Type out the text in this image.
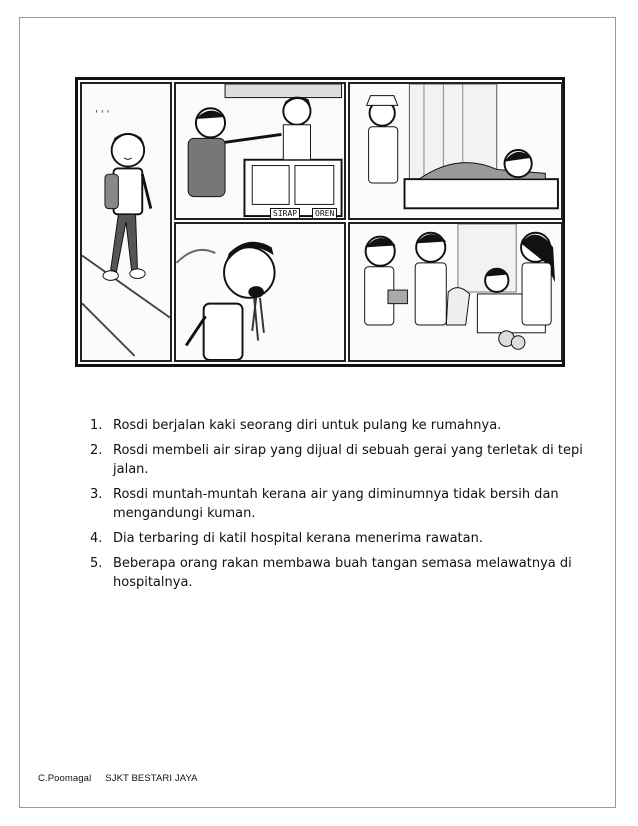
' ' '
SIRAP	OREN
1. Rosdi berjalan kaki seorang diri untuk pulang ke rumahnya.
2. Rosdi membeli air sirap yang dijual di sebuah gerai yang terletak di tepi jalan.
3. Rosdi muntah-muntah kerana air yang diminumnya tidak bersih dan mengandungi kuman.
4. Dia terbaring di katil hospital kerana menerima rawatan.
5. Beberapa orang rakan membawa buah tangan semasa melawatnya di hospitalnya.
C.Poomagal SJKT BESTARI JAYA
